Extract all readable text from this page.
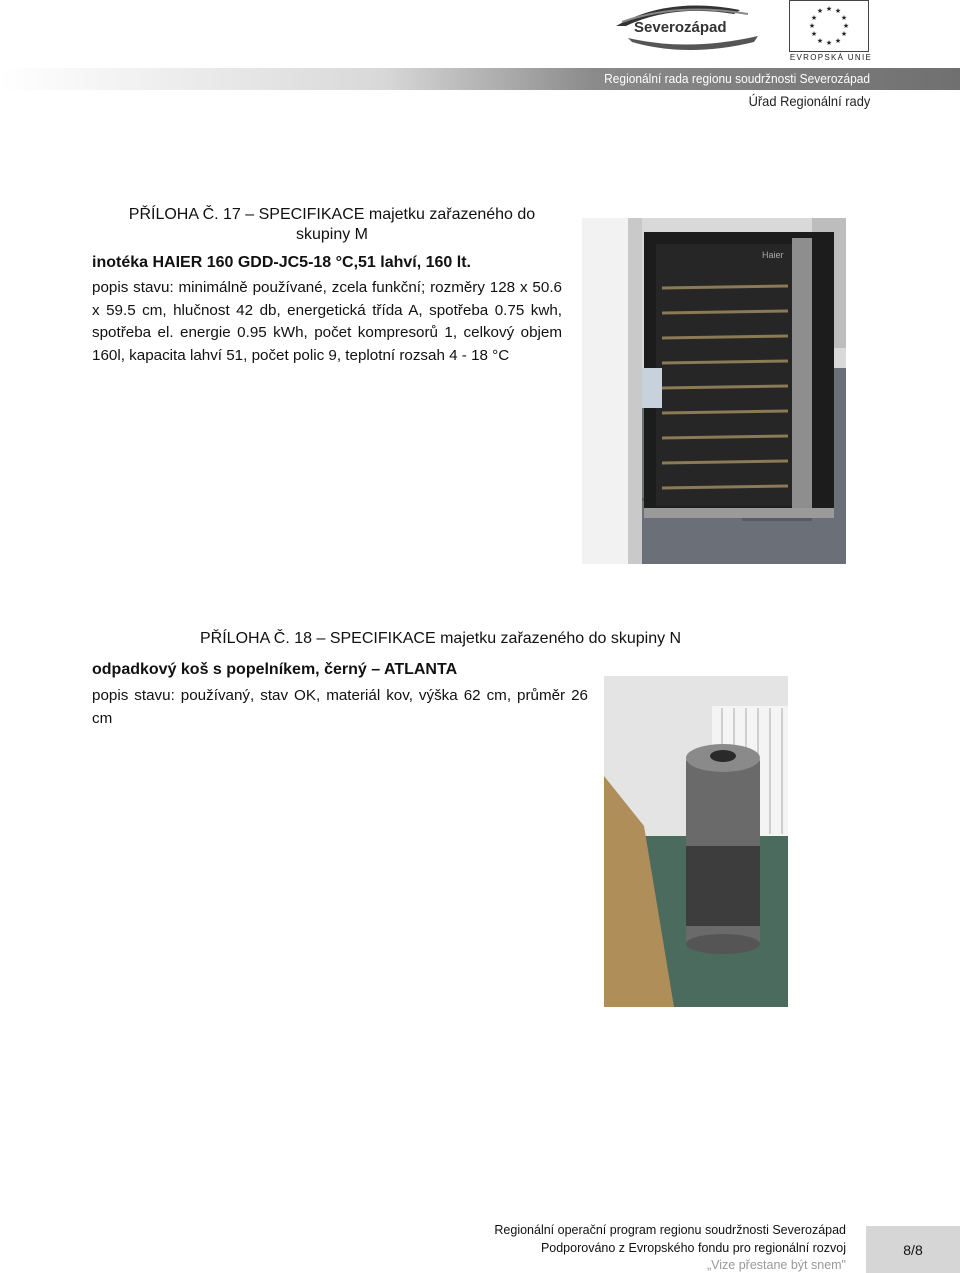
Severozápad
★ ★
★
★
★
★
★
★
★
★
★
★
EVROPSKÁ UNIE
Regionální rada regionu soudržnosti Severozápad
Úřad Regionální rady
PŘÍLOHA Č. 17 – SPECIFIKACE majetku zařazeného do
skupiny M
inotéka HAIER 160 GDD-JC5-18 °C,51 lahví, 160 lt.
popis stavu: minimálně používané, zcela funkční; rozměry 128 x 50.6 x 59.5 cm, hlučnost 42 db, energetická třída A, spotřeba 0.75 kwh, spotřeba el. energie 0.95 kWh, počet kompresorů 1, celkový objem 160l, kapacita lahví 51, počet polic 9, teplotní rozsah 4 - 18 °C
Haier
PŘÍLOHA Č. 18 – SPECIFIKACE majetku zařazeného do skupiny N
odpadkový koš s popelníkem, černý – ATLANTA
popis stavu: používaný, stav OK, materiál kov, výška 62 cm, průměr 26 cm
Regionální operační program regionu soudržnosti Severozápad
Podporováno z Evropského fondu pro regionální rozvoj
„Vize přestane být snem"
8/8
